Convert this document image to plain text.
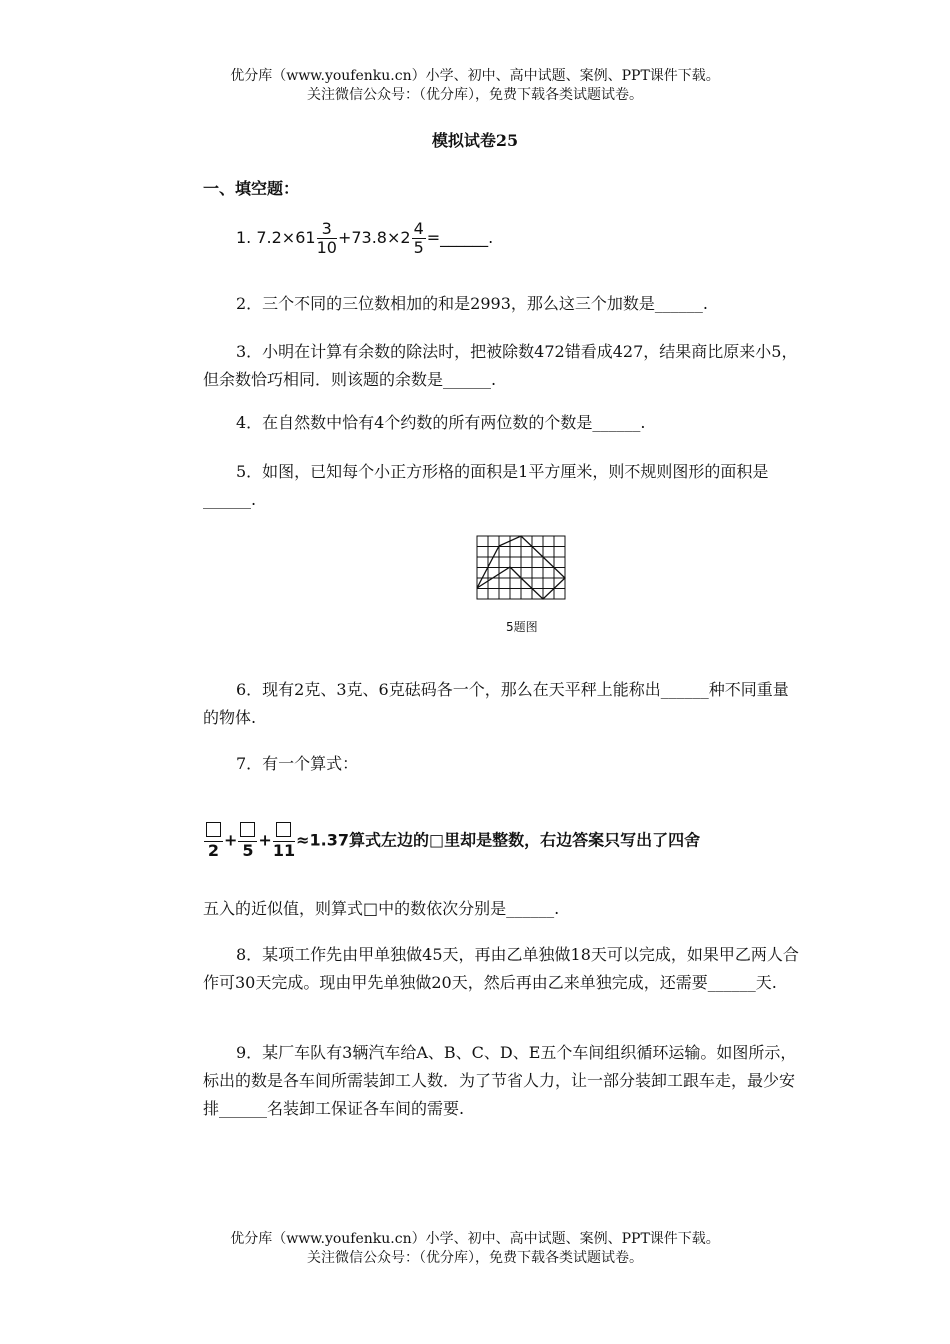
优分库（www.youfenku.cn）小学、初中、高中试题、案例、PPT课件下载。
关注微信公众号：（优分库），免费下载各类试题试卷。
模拟试卷25
一、填空题：
1. $7.2\times 61 \frac{3}{10} +73.8\times 2 \frac{4}{5}$ =______.
2．三个不同的三位数相加的和是2993，那么这三个加数是______.
3．小明在计算有余数的除法时，把被除数472错看成427，结果商比原来小5，但余数恰巧相同．则该题的余数是______.
4．在自然数中恰有4个约数的所有两位数的个数是______.
5．如图，已知每个小正方形格的面积是1平方厘米，则不规则图形的面积是______.
5题图
6．现有2克、3克、6克砝码各一个，那么在天平秤上能称出______种不同重量的物体.
7．有一个算式：
2
+
5
+
11
≈1.37算式左边的□里却是整数，右边答案只写出了四舍
五入的近似值，则算式□中的数依次分别是______.
8．某项工作先由甲单独做45天，再由乙单独做18天可以完成，如果甲乙两人合作可30天完成。现由甲先单独做20天，然后再由乙来单独完成，还需要______天.
9．某厂车队有3辆汽车给A、B、C、D、E五个车间组织循环运输。如图所示，标出的数是各车间所需装卸工人数．为了节省人力，让一部分装卸工跟车走，最少安排______名装卸工保证各车间的需要.
优分库（www.youfenku.cn）小学、初中、高中试题、案例、PPT课件下载。
关注微信公众号：（优分库），免费下载各类试题试卷。
